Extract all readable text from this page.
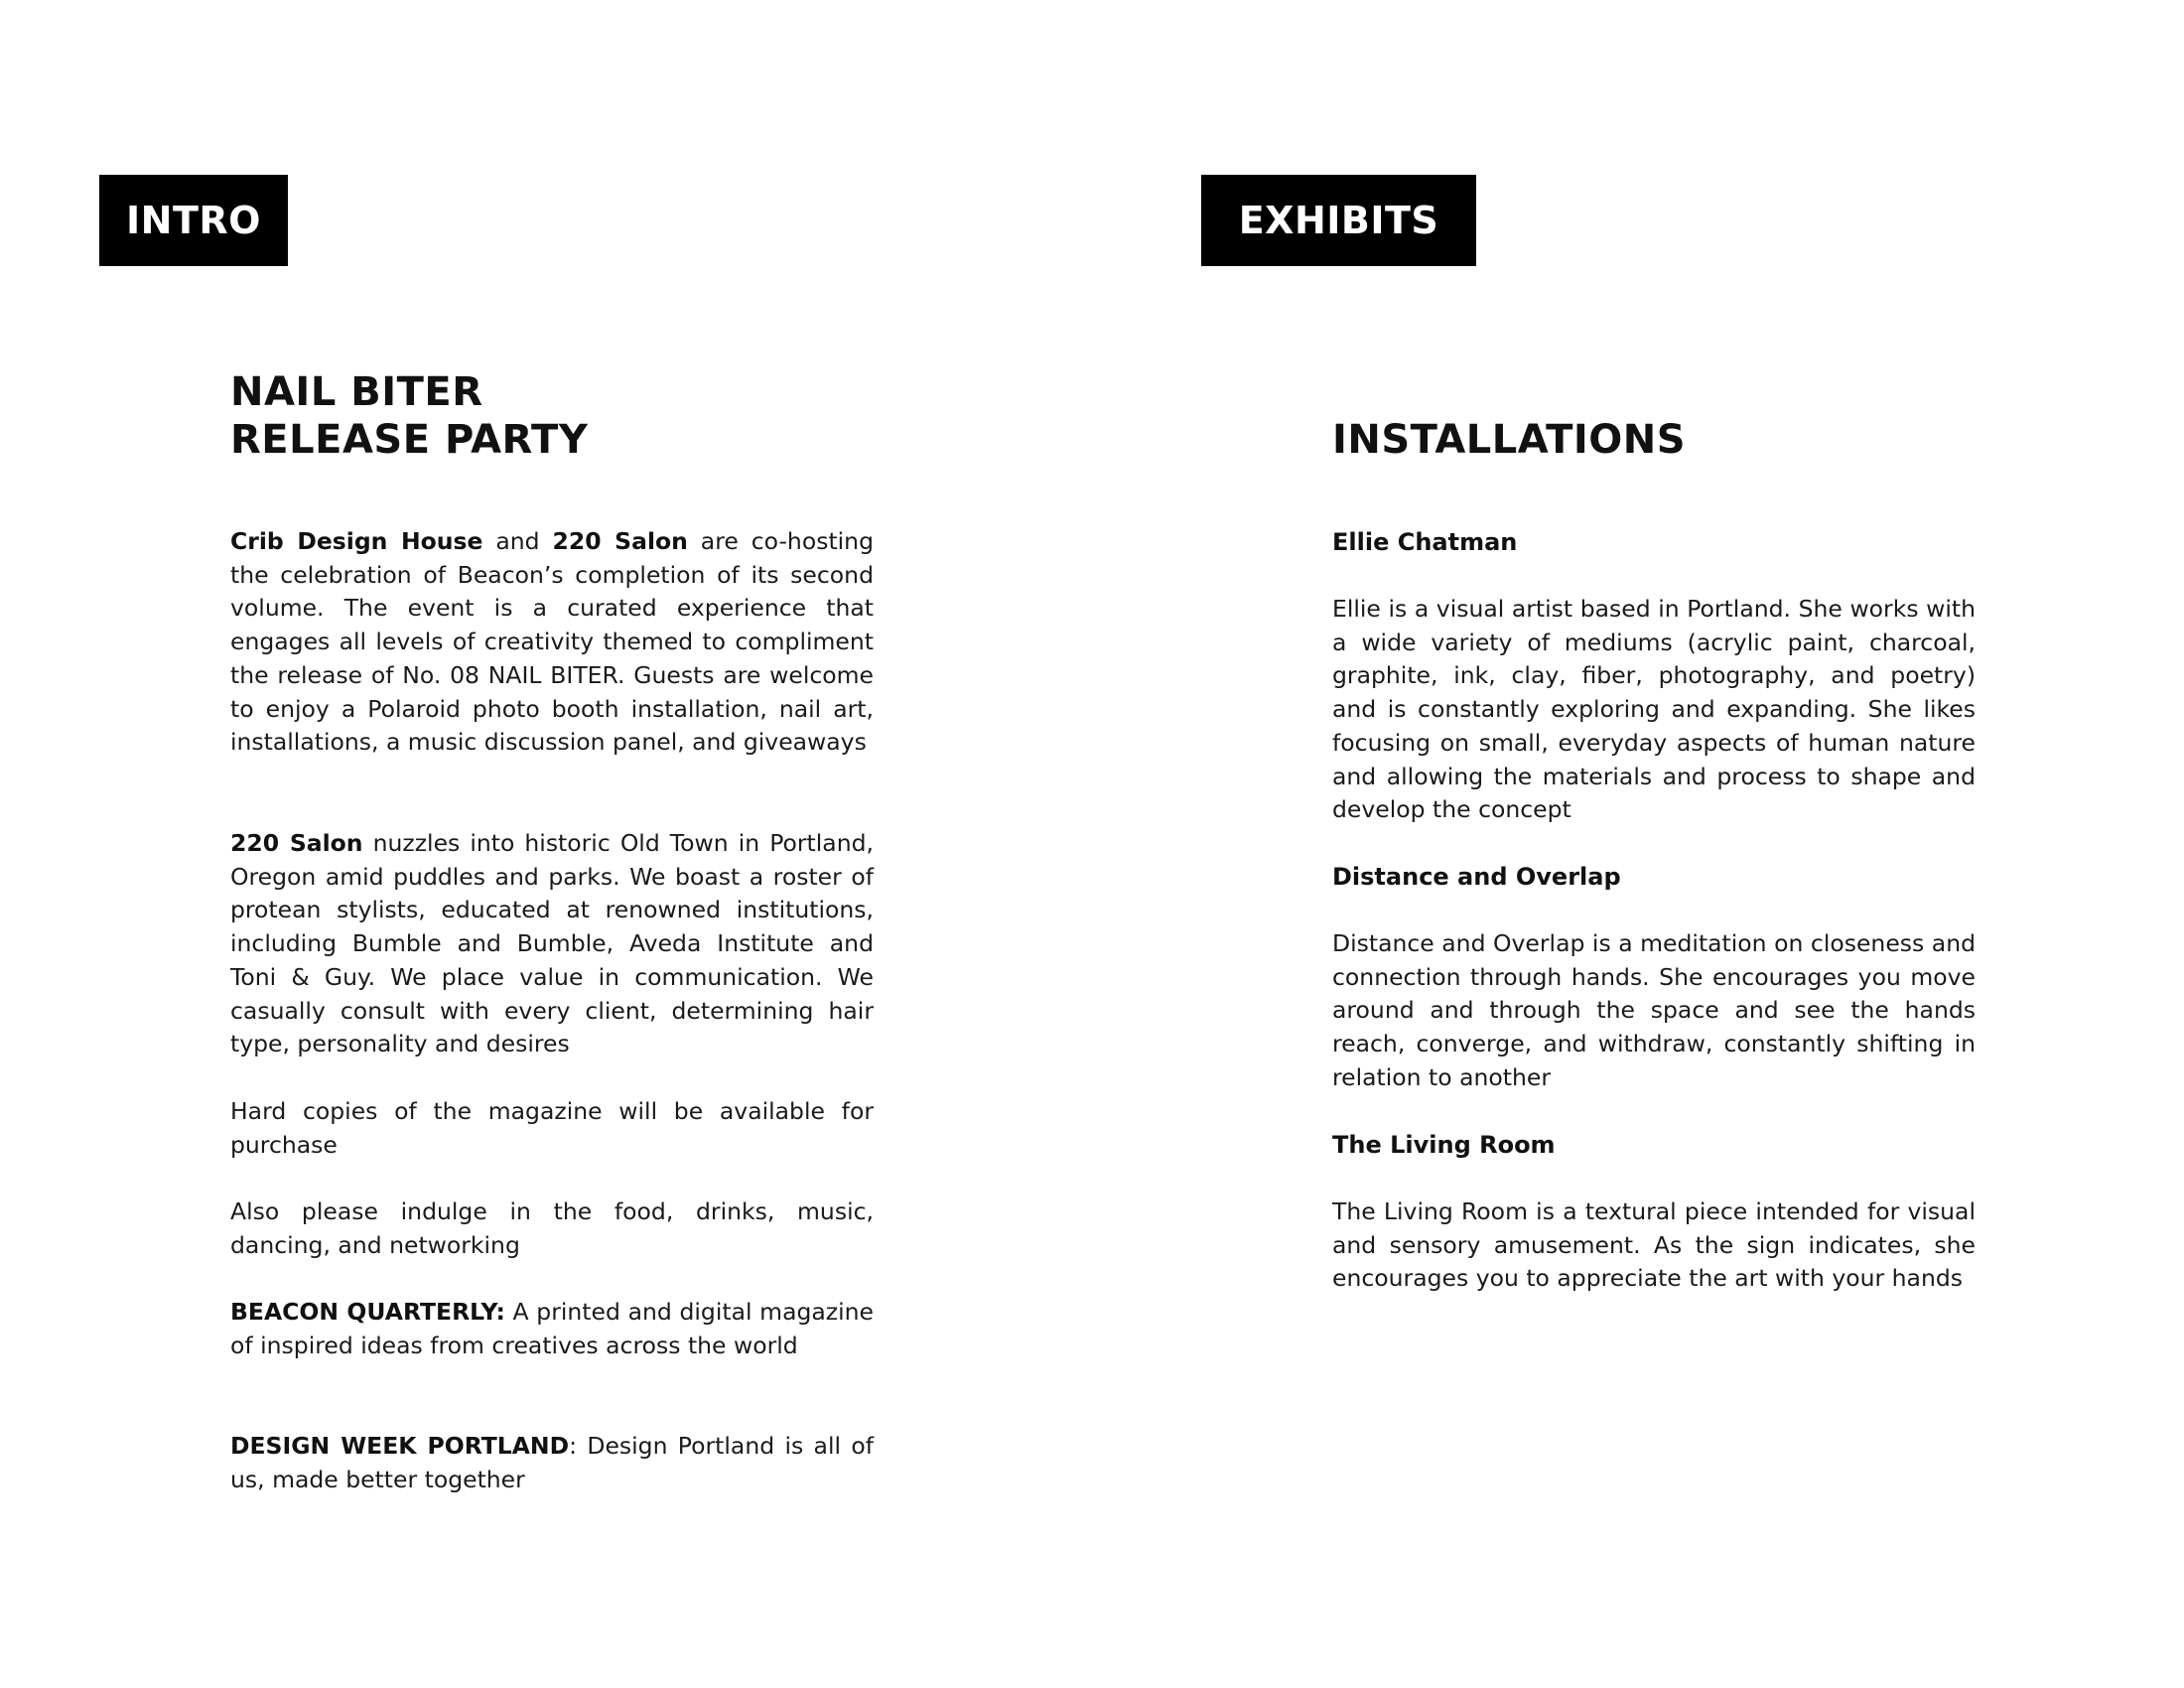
INTRO	EXHIBITS
NAIL BITER
RELEASE PARTY

Crib Design House and 220 Salon are co-hosting the celebration of Beacon’s completion of its second volume. The event is a curated experience that engages all levels of creativity themed to compliment the release of No. 08 NAIL BITER. Guests are welcome to enjoy a Polaroid photo booth installation, nail art, installations, a music discussion panel, and giveaways

220 Salon nuzzles into historic Old Town in Portland, Oregon amid puddles and parks. We boast a roster of protean stylists, educated at renowned institutions, including Bumble and Bumble, Aveda Institute and Toni & Guy. We place value in communication. We casually consult with every client, determining hair type, personality and desires

Hard copies of the magazine will be available for purchase

Also please indulge in the food, drinks, music, dancing, and networking

BEACON QUARTERLY: A printed and digital magazine of inspired ideas from creatives across the world

DESIGN WEEK PORTLAND: Design Portland is all of us, made better together

INSTALLATIONS

Ellie Chatman

Ellie is a visual artist based in Portland. She works with a wide variety of mediums (acrylic paint, charcoal, graphite, ink, clay, fiber, photography, and poetry) and is constantly exploring and expanding. She likes focusing on small, everyday aspects of human nature and allowing the materials and process to shape and develop the concept

Distance and Overlap

Distance and Overlap is a meditation on closeness and connection through hands. She encourages you move around and through the space and see the hands reach, converge, and withdraw, constantly shifting in relation to another

The Living Room

The Living Room is a textural piece intended for visual and sensory amusement. As the sign indicates, she encourages you to appreciate the art with your hands
